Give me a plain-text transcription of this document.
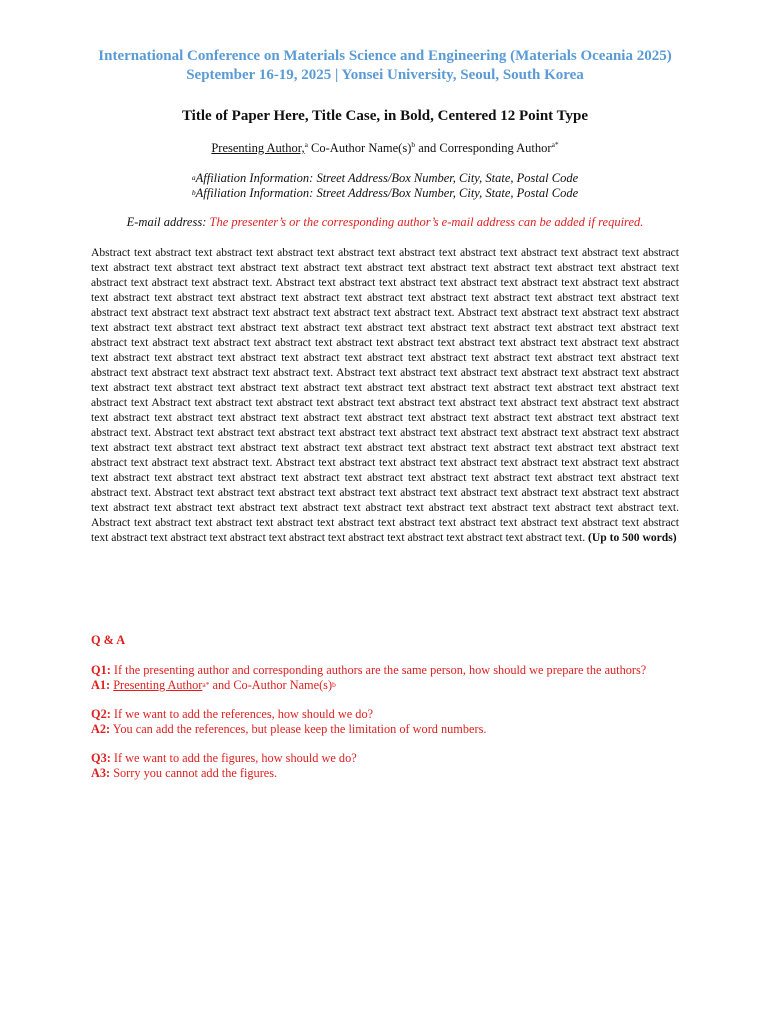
International Conference on Materials Science and Engineering (Materials Oceania 2025)
September 16-19, 2025 | Yonsei University, Seoul, South Korea
Title of Paper Here, Title Case, in Bold, Centered 12 Point Type
Presenting Author,$^a$ Co-Author $Name(s)^b$ and Corresponding Author$^{a*}$
$^a$Affiliation Information: Street Address/Box Number, City, State, Postal Code
$^b$Affiliation Information: Street Address/Box Number, City, State, Postal Code
E-mail address: The presenter’s or the corresponding author’s e-mail address can be added if required.
Abstract text abstract text abstract text abstract text abstract text abstract text abstract text abstract text abstract text abstract text abstract text abstract text abstract text abstract text abstract text abstract text abstract text abstract text abstract text abstract text abstract text abstract text. Abstract text abstract text abstract text abstract text abstract text abstract text abstract text abstract text abstract text abstract text abstract text abstract text abstract text abstract text abstract text abstract text abstract text abstract text abstract text abstract text abstract text abstract text. Abstract text abstract text abstract text abstract text abstract text abstract text abstract text abstract text abstract text abstract text abstract text abstract text abstract text abstract text abstract text abstract text abstract text abstract text abstract text abstract text abstract text abstract text abstract text abstract text abstract text abstract text abstract text abstract text abstract text abstract text abstract text abstract text abstract text abstract text abstract text abstract text. Abstract text abstract text abstract text abstract text abstract text abstract text abstract text abstract text abstract text abstract text abstract text abstract text abstract text abstract text abstract text abstract text Abstract text abstract text abstract text abstract text abstract text abstract text abstract text abstract text abstract text abstract text abstract text abstract text abstract text abstract text abstract text abstract text abstract text abstract text abstract text. Abstract text abstract text abstract text abstract text abstract text abstract text abstract text abstract text abstract text abstract text abstract text abstract text abstract text abstract text abstract text abstract text abstract text abstract text abstract text abstract text abstract text. Abstract text abstract text abstract text abstract text abstract text abstract text abstract text abstract text abstract text abstract text abstract text abstract text abstract text abstract text abstract text abstract text abstract text. Abstract text abstract text abstract text abstract text abstract text abstract text abstract text abstract text abstract text abstract text abstract text abstract text abstract text abstract text abstract text abstract text abstract text abstract text. Abstract text abstract text abstract text abstract text abstract text abstract text abstract text abstract text abstract text abstract text abstract text abstract text abstract text abstract text abstract text abstract text abstract text abstract text. (Up to 500 words)
Q & A
Q1: If the presenting author and corresponding authors are the same person, how should we prepare the authors?
A1: Presenting Author$^{a*}$ and Co-Author $Name(s)^b$
Q2: If we want to add the references, how should we do?
A2: You can add the references, but please keep the limitation of word numbers.
Q3: If we want to add the figures, how should we do?
A3: Sorry you cannot add the figures.
